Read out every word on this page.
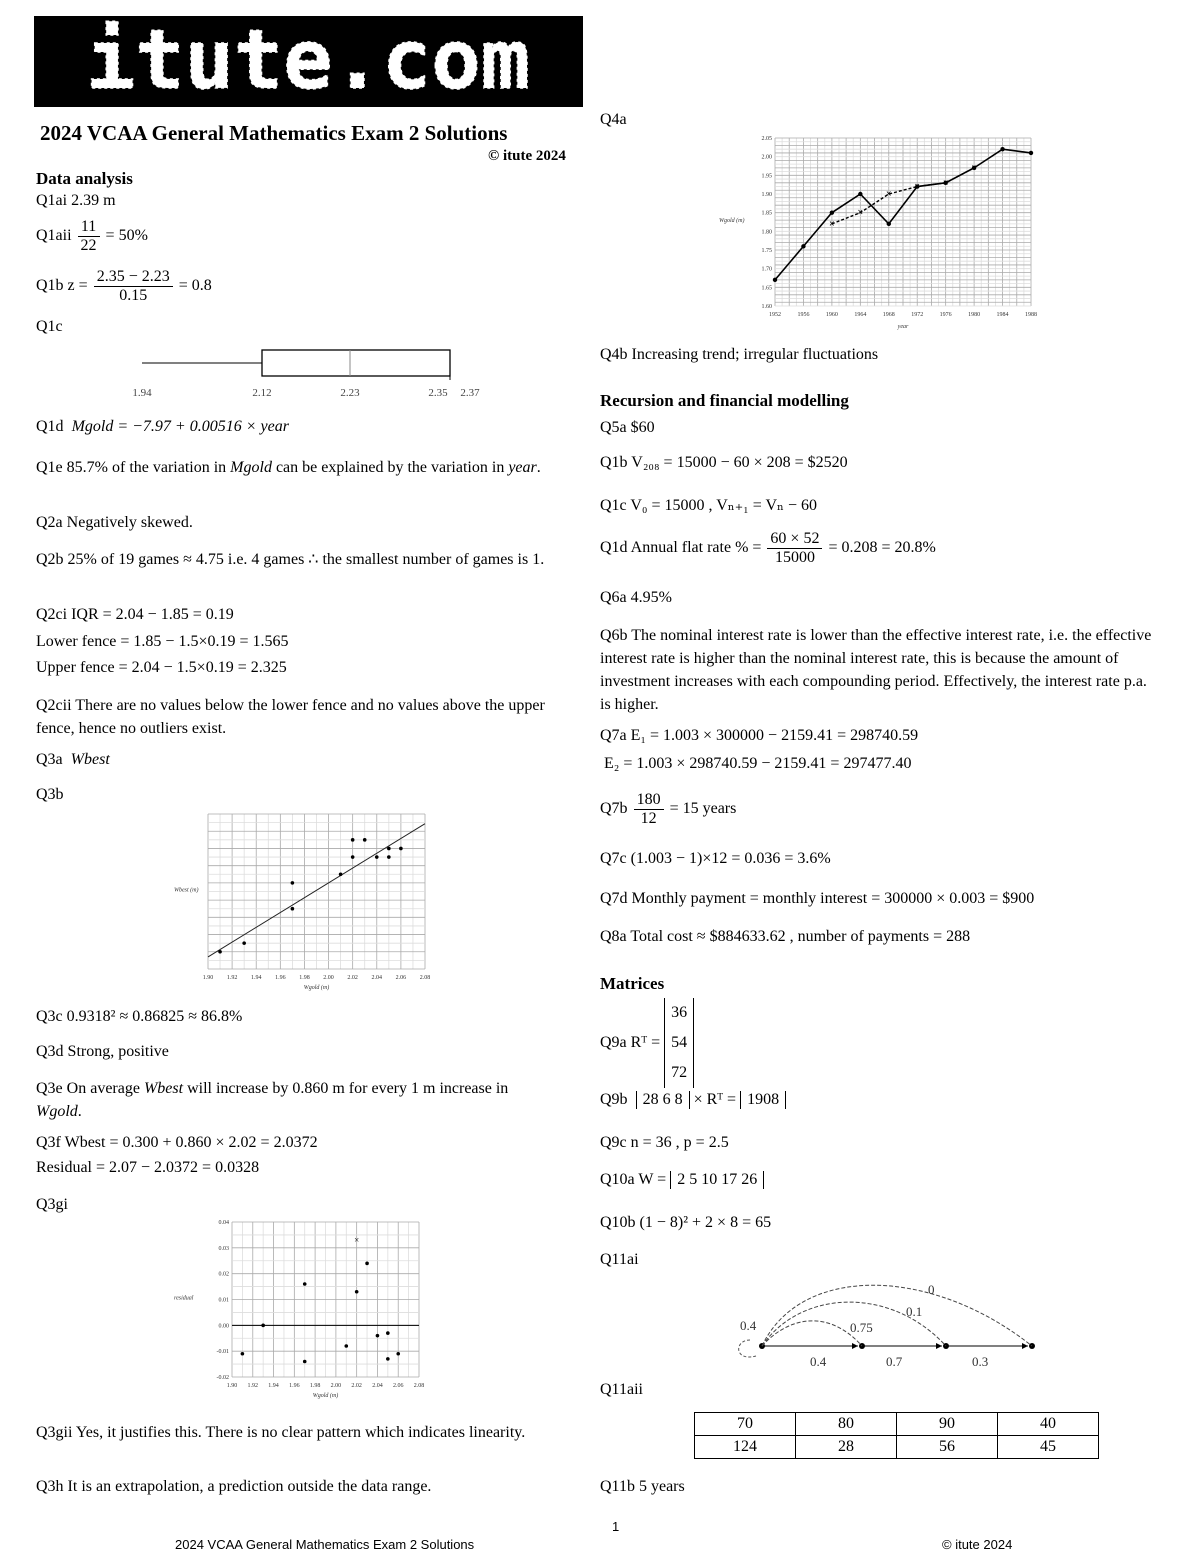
itute.com
2024 VCAA General Mathematics Exam 2 Solutions
© itute 2024
Data analysis
Q1ai 2.39 m
$Q1aii \frac{11}{22} = 50\%$
Q1b $z = \frac{2.35 - 2.23}{0.15} = 0.8$
Q1c
1.94	2.12	2.23	2.35 2.37
Q1d Mgold = −7.97 + 0.00516 × year
Q1e 85.7% of the variation in Mgold can be explained by the variation in year.
Q2a Negatively skewed.
Q2b 25% of 19 games ≈ 4.75 i.e. 4 games ∴ the smallest number of games is 1.
Q2ci IQR = 2.04 − 1.85 = 0.19
Lower fence = 1.85 − 1.5×0.19 = 1.565
Upper fence = 2.04 − 1.5×0.19 = 2.325
Q2cii There are no values below the lower fence and no values above the upper fence, hence no outliers exist.
Q3a Wbest
Q3b
1.90 1.92 1.94 1.96 1.98 2.00 2.02 2.04 2.06 2.08
Wgold (m)
Wbest (m)
Q3c 0.9318² ≈ 0.86825 ≈ 86.8%
Q3d Strong, positive
Q3e On average Wbest will increase by 0.860 m for every 1 m increase in Wgold.
Q3f Wbest = 0.300 + 0.860 × 2.02 = 2.0372
Residual = 2.07 − 2.0372 = 0.0328
Q3gi
1.90 1.92 1.94 1.96 1.98 2.00 2.02 2.04 2.06 2.08
-0.02
-0.01
0.00
0.01
0.02
0.03
0.04
Wgold (m)
residual
×
Q3gii Yes, it justifies this. There is no clear pattern which indicates linearity.
Q3h It is an extrapolation, a prediction outside the data range.
Q4a
1952	1956	1960	1964	1968	1972	1976	1980	1984	1988
1.60
1.65
1.70
1.75
1.80
1.85
1.90
1.95
2.00
2.05
year
Wgold (m)	×
×
×
× ×
×
Q4b Increasing trend; irregular fluctuations
Recursion and financial modelling
Q5a $60
Q1b V₂₀₈ = 15000 − 60 × 208 = $2520
Q1c V₀ = 15000 , Vₙ₊₁ = Vₙ − 60
Q1d Annual flat rate % = $\frac{60 \times 52}{15000} = 0.208 = 20.8\%$
Q6a 4.95%
Q6b The nominal interest rate is lower than the effective interest rate, i.e. the effective interest rate is higher than the nominal interest rate, this is because the amount of investment increases with each compounding period. Effectively, the interest rate p.a. is higher.
Q7a E₁ = 1.003 × 300000 − 2159.41 = 298740.59
E₂ = 1.003 × 298740.59 − 2159.41 = 297477.40
$Q7b \frac{180}{12} = 15$ years
Q7c (1.003 − 1)×12 = 0.036 = 3.6%
Q7d Monthly payment = monthly interest = 300000 × 0.003 = $900
Q8a Total cost ≈ $884633.62 , number of payments = 288
Matrices
Q9a Rᵀ =
36
54
72
Q9b 28 6 8 × Rᵀ = 1908
Q9c n = 36 , p = 2.5
Q10a W = 2 5 10 17 26
Q10b (1 − 8)² + 2 × 8 = 65
Q11ai
0
0.1
0.75
0.4
0.4	0.7	0.3
Q11aii
70	80	90	40
124	28	56	45
Q11b 5 years
1
2024 VCAA General Mathematics Exam 2 Solutions	© itute 2024
